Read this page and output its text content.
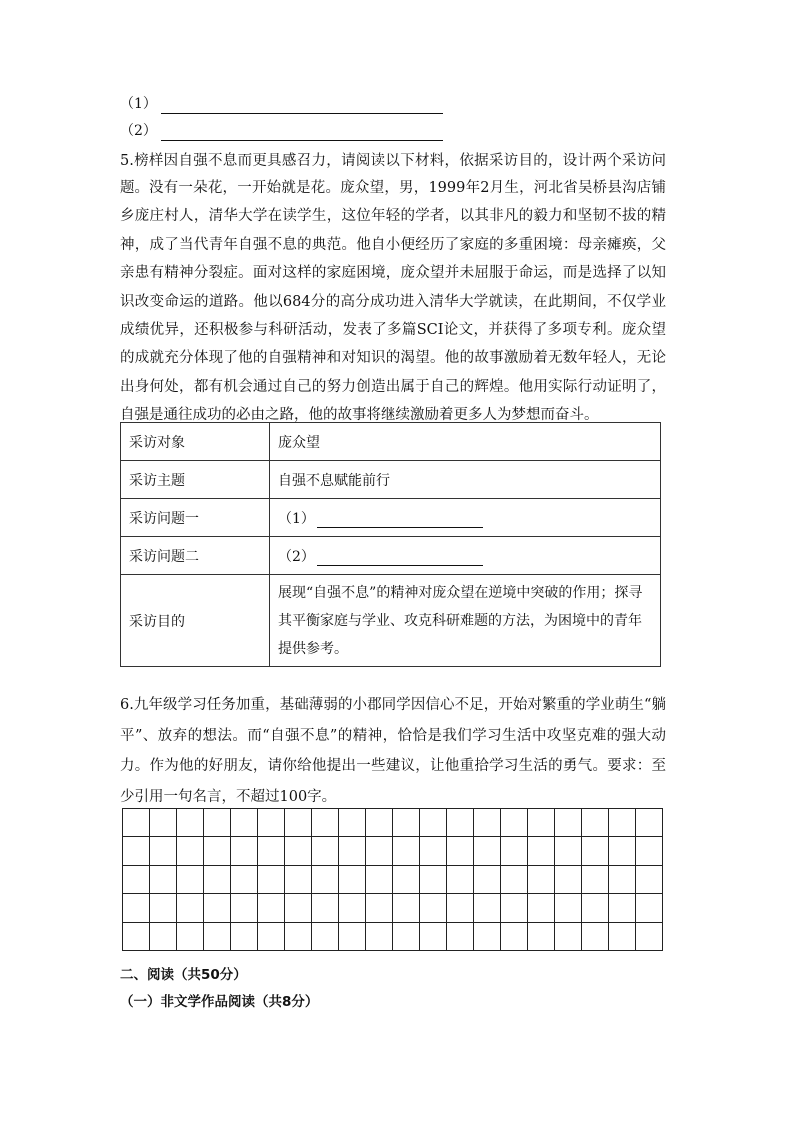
（1）
（2）
5.榜样因自强不息而更具感召力，请阅读以下材料，依据采访目的，设计两个采访问题。 没有一朵花，一开始就是花。庞众望，男，1999年2月生，河北省吴桥县沟店铺乡庞庄村人，清华大学在读学生，这位年轻的学者，以其非凡的毅力和坚韧不拔的精神，成了当代青年自强不息的典范。他自小便经历了家庭的多重困境：母亲瘫痪，父亲患有精神分裂症。面对这样的家庭困境，庞众望并未屈服于命运，而是选择了以知识改变命运的道路。他以684分的高分成功进入清华大学就读，在此期间，不仅学业成绩优异，还积极参与科研活动，发表了多篇SCI论文，并获得了多项专利。庞众望的成就充分体现了他的自强精神和对知识的渴望。他的故事激励着无数年轻人，无论出身何处，都有机会通过自己的努力创造出属于自己的辉煌。他用实际行动证明了，自强是通往成功的必由之路，他的故事将继续激励着更多人为梦想而奋斗。

采访对象	庞众望
采访主题	自强不息赋能前行
采访问题一	（1）
采访问题二	（2）
采访目的	展现“自强不息”的精神对庞众望在逆境中突破的作用；探寻其平衡家庭与学业、攻克科研难题的方法，为困境中的青年提供参考。
6.九年级学习任务加重，基础薄弱的小郡同学因信心不足，开始对繁重的学业萌生“躺平”、放弃的想法。而“自强不息”的精神，恰恰是我们学习生活中攻坚克难的强大动力。作为他的好朋友，请你给他提出一些建议，让他重拾学习生活的勇气。要求：至少引用一句名言，不超过100字。
二、阅读（共50分）
（一）非文学作品阅读（共8分）
